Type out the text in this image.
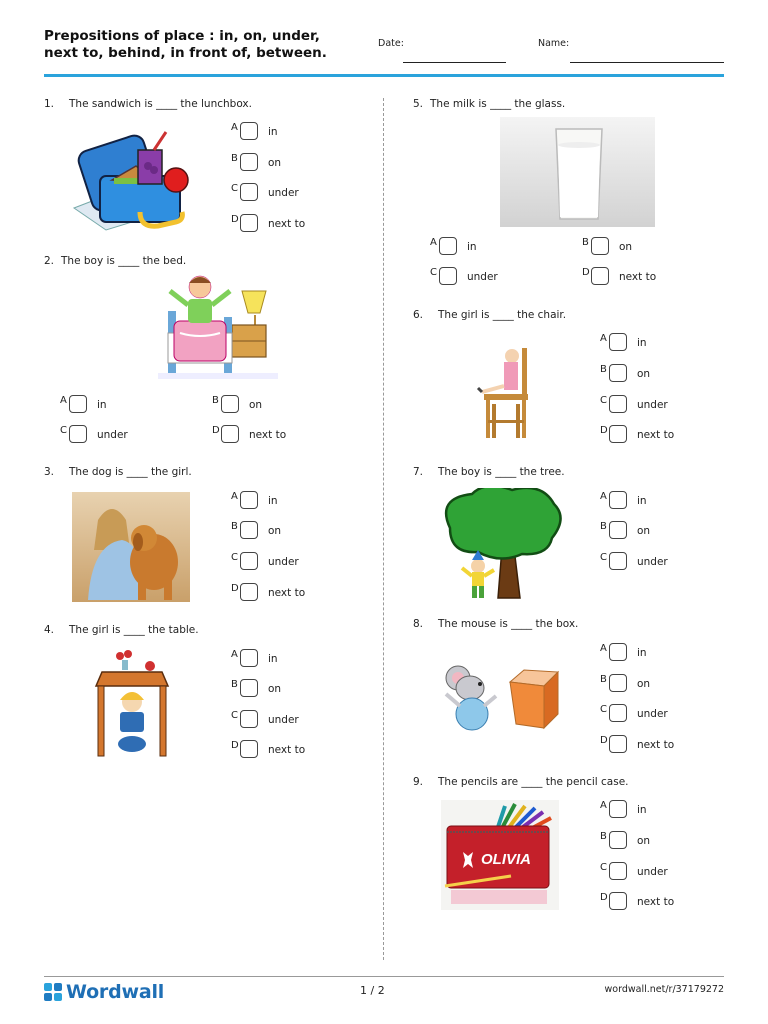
Prepositions of place : in, on, under, next to, behind, in front of, between.
Date:	Name:
1. The sandwich is ____ the lunchbox.
A	in
B	on
C	under
D	next to
2. The boy is ____ the bed.
A	in	B	on
C	under	D	next to
3. The dog is ____ the girl.
A	in
B	on
C	under
D	next to
4. The girl is ____ the table.
A	in
B	on
C	under
D	next to
5. The milk is ____ the glass.
A	in	B	on
C	under	D	next to
6. The girl is ____ the chair.
A	in
B	on
C	under
D	next to
7. The boy is ____ the tree.
A	in
B	on
C	under
8. The mouse is ____ the box.
A	in
B	on
C	under
D	next to
9. The pencils are ____ the pencil case.
OLIVIA
A	in
B	on
C	under
D	next to
Wordwall	1 / 2	wordwall.net/r/37179272
